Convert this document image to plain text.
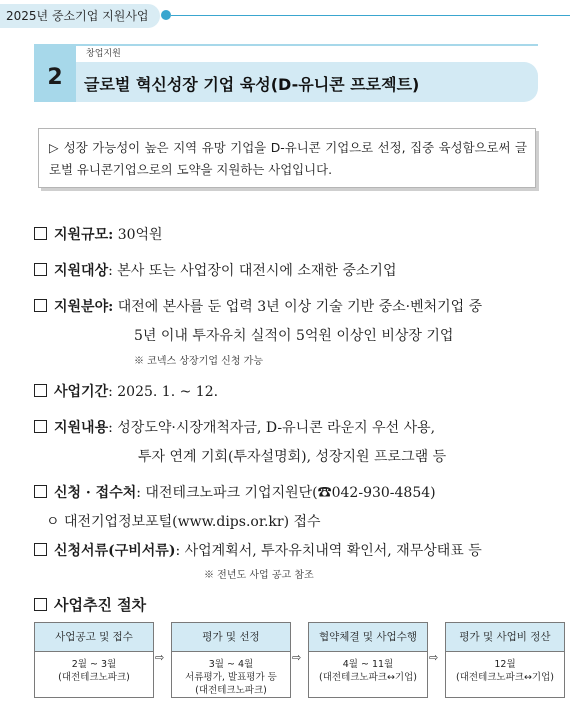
2025년 중소기업 지원사업
2
창업지원
글로벌 혁신성장 기업 육성(D-유니콘 프로젝트)
▷ 성장 가능성이 높은 지역 유망 기업을 D-유니콘 기업으로 선정, 집중 육성함으로써 글로벌 유니콘기업으로의 도약을 지원하는 사업입니다.
지원규모: 30억원
지원대상: 본사 또는 사업장이 대전시에 소재한 중소기업
지원분야: 대전에 본사를 둔 업력 3년 이상 기술 기반 중소·벤처기업 중
5년 이내 투자유치 실적이 5억원 이상인 비상장 기업
※ 코넥스 상장기업 신청 가능
사업기간: 2025. 1. ~ 12.
지원내용: 성장도약·시장개척자금, D-유니콘 라운지 우선 사용,
투자 연계 기회(투자설명회), 성장지원 프로그램 등
신청 · 접수처: 대전테크노파크 기업지원단(☎042-930-4854)
ㅇ 대전기업정보포털(www.dips.or.kr) 접수
신청서류(구비서류): 사업계획서, 투자유치내역 확인서, 재무상태표 등
※ 전년도 사업 공고 참조
사업추진 절차
사업공고 및 접수
2월 ~ 3월
(대전테크노파크)
⇨
평가 및 선정
3월 ~ 4월
서류평가, 발표평가 등
(대전테크노파크)
⇨
협약체결 및 사업수행
4월 ~ 11월
(대전테크노파크↔기업)
⇨
평가 및 사업비 정산
12월
(대전테크노파크↔기업)
